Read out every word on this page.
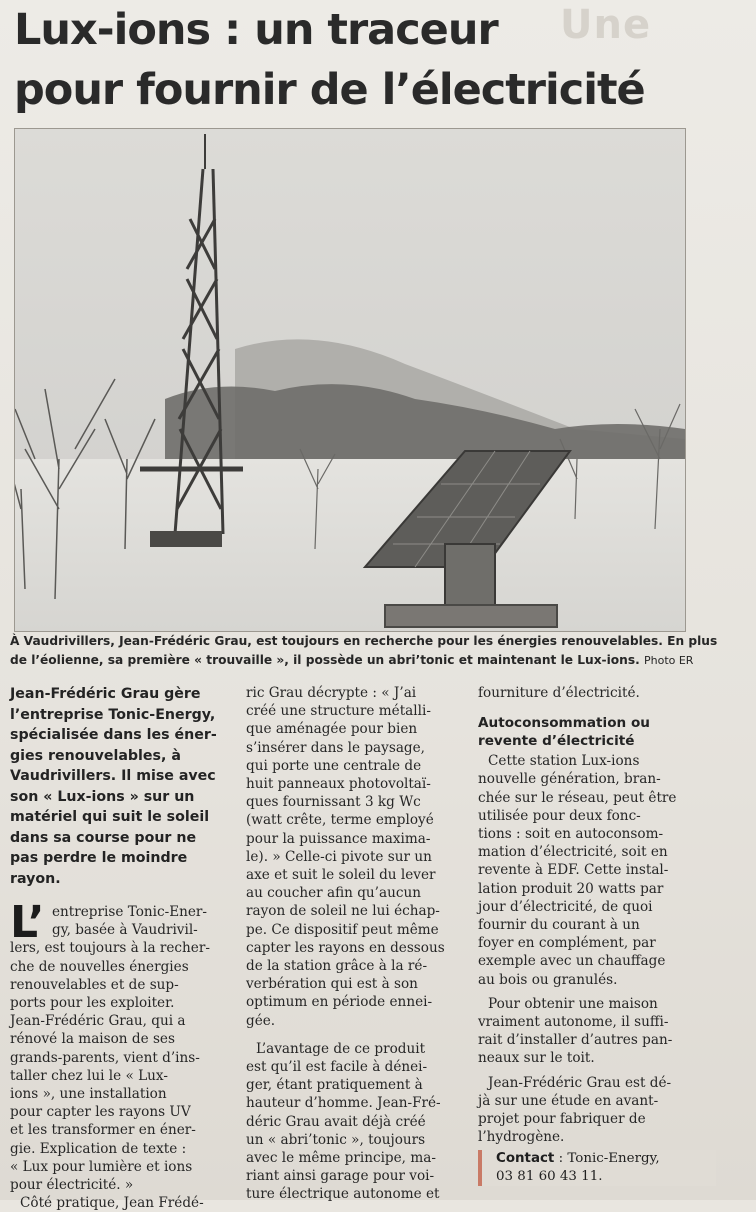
Une
Lux-ions : un traceur
pour fournir de l’électricité
À Vaudrivillers, Jean-Frédéric Grau, est toujours en recherche pour les énergies renouvelables. En plus
de l’éolienne, sa première « trouvaille », il possède un abri’tonic et maintenant le Lux-ions. Photo ER
Jean-Frédéric Grau gère
l’entreprise Tonic-Energy,
spécialisée dans les éner-
gies renouvelables, à
Vaudrivillers. Il mise avec
son « Lux-ions » sur un
matériel qui suit le soleil
dans sa course pour ne
pas perdre le moindre
rayon.
L’ entreprise Tonic-Ener-
gy, basée à Vaudrivil-
lers, est toujours à la recher-
che de nouvelles énergies
renouvelables et de sup-
ports pour les exploiter.
Jean-Frédéric Grau, qui a
rénové la maison de ses
grands-parents, vient d’ins-
taller chez lui le « Lux-
ions », une installation
pour capter les rayons UV
et les transformer en éner-
gie. Explication de texte :
« Lux pour lumière et ions
pour électricité. »
Côté pratique, Jean Frédé-
ric Grau décrypte : « J’ai
créé une structure métalli-
que aménagée pour bien
s’insérer dans le paysage,
qui porte une centrale de
huit panneaux photovoltaï-
ques fournissant 3 kg Wc
(watt crête, terme employé
pour la puissance maxima-
le). » Celle-ci pivote sur un
axe et suit le soleil du lever
au coucher afin qu’aucun
rayon de soleil ne lui échap-
pe. Ce dispositif peut même
capter les rayons en dessous
de la station grâce à la ré-
verbération qui est à son
optimum en période ennei-
gée.
L’avantage de ce produit
est qu’il est facile à dénei-
ger, étant pratiquement à
hauteur d’homme. Jean-Fré-
déric Grau avait déjà créé
un « abri’tonic », toujours
avec le même principe, ma-
riant ainsi garage pour voi-
ture électrique autonome et
fourniture d’électricité.
Autoconsommation ou
revente d’électricité
Cette station Lux-ions
nouvelle génération, bran-
chée sur le réseau, peut être
utilisée pour deux fonc-
tions : soit en autoconsom-
mation d’électricité, soit en
revente à EDF. Cette instal-
lation produit 20 watts par
jour d’électricité, de quoi
fournir du courant à un
foyer en complément, par
exemple avec un chauffage
au bois ou granulés.
Pour obtenir une maison
vraiment autonome, il suffi-
rait d’installer d’autres pan-
neaux sur le toit.
Jean-Frédéric Grau est dé-
jà sur une étude en avant-
projet pour fabriquer de
l’hydrogène.
Contact : Tonic-Energy,
03 81 60 43 11.
